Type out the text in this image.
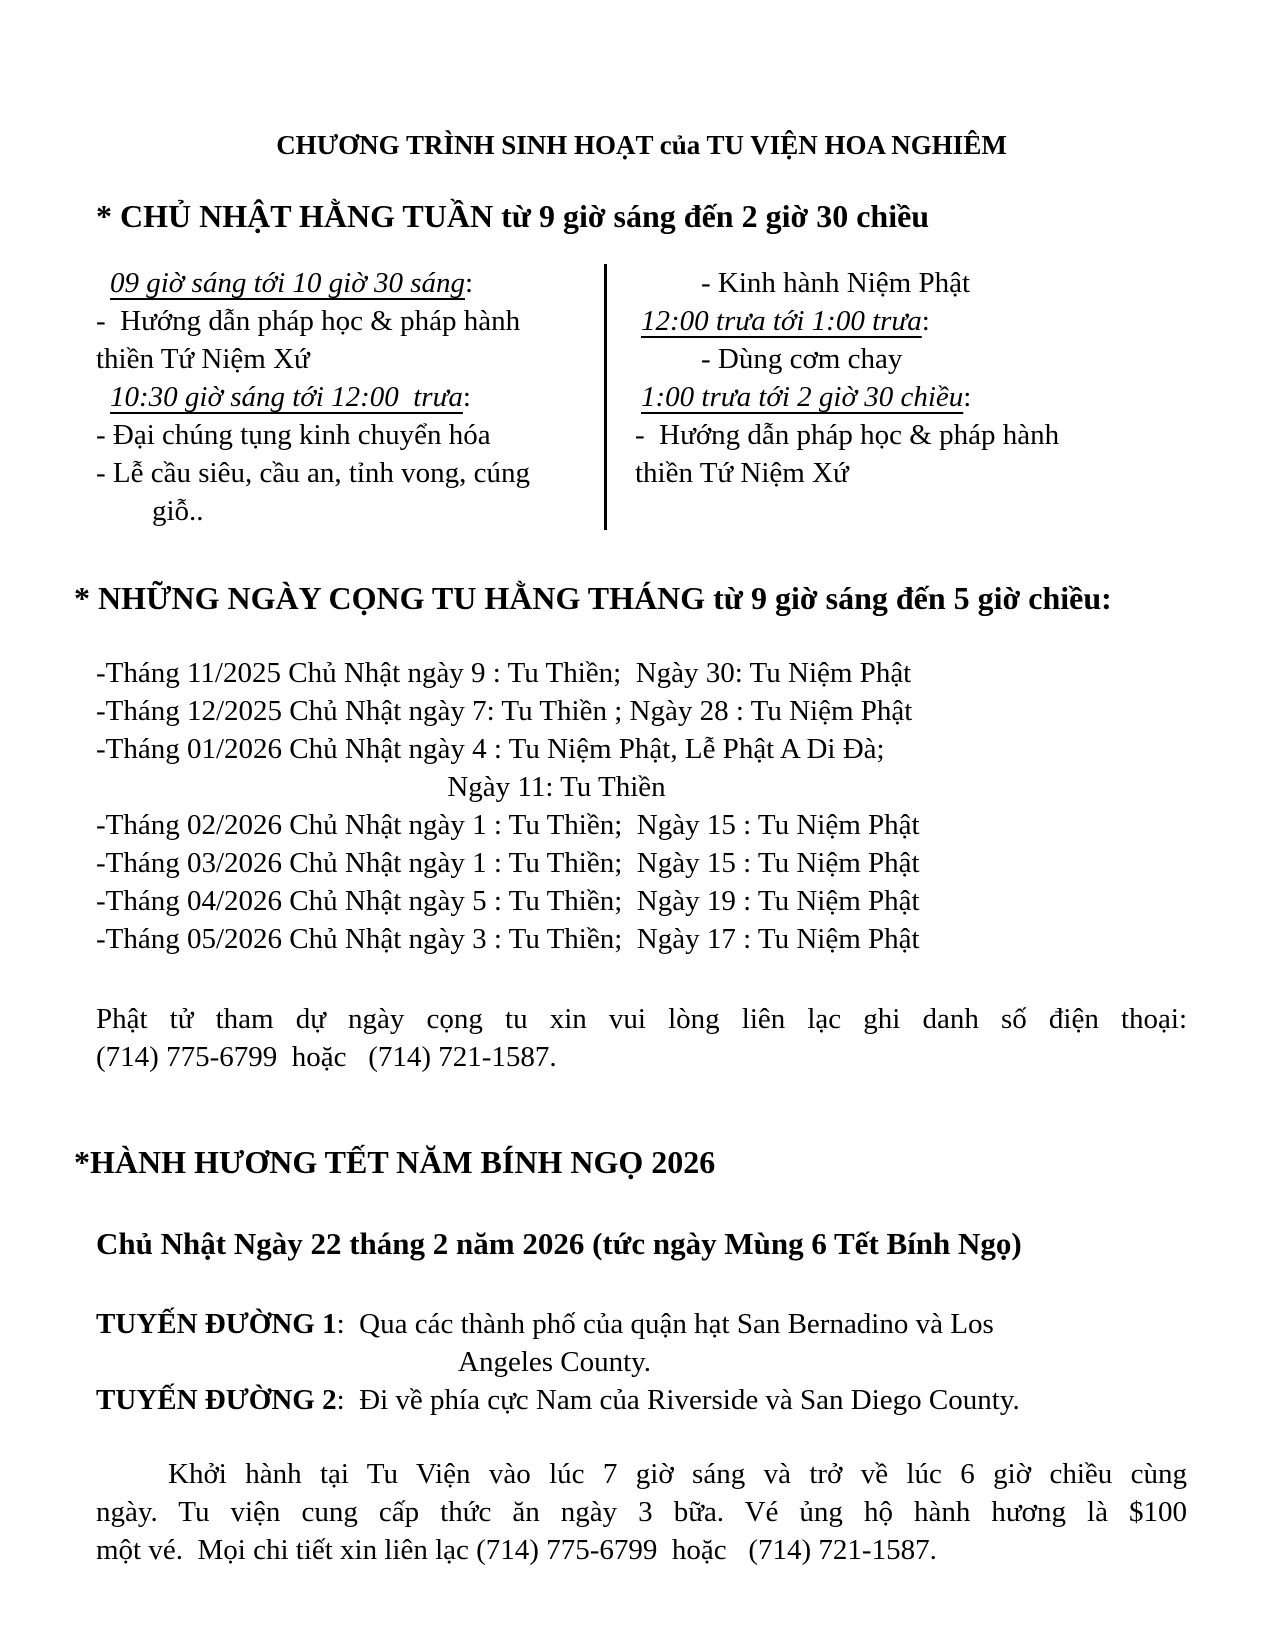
CHƯƠNG TRÌNH SINH HOẠT của TU VIỆN HOA NGHIÊM
* CHỦ NHẬT HẰNG TUẦN từ 9 giờ sáng đến 2 giờ 30 chiều
09 giờ sáng tới 10 giờ 30 sáng:
-  Hướng dẫn pháp học & pháp hành
thiền Tứ Niệm Xứ
10:30 giờ sáng tới 12:00  trưa:
- Đại chúng tụng kinh chuyển hóa
- Lễ cầu siêu, cầu an, tỉnh vong, cúng
giỗ..
- Kinh hành Niệm Phật
12:00 trưa tới 1:00 trưa:
- Dùng cơm chay
1:00 trưa tới 2 giờ 30 chiều:
-  Hướng dẫn pháp học & pháp hành
thiền Tứ Niệm Xứ
* NHỮNG NGÀY CỌNG TU HẰNG THÁNG từ 9 giờ sáng đến 5 giờ chiều:
-Tháng 11/2025 Chủ Nhật ngày 9 : Tu Thiền;  Ngày 30: Tu Niệm Phật
-Tháng 12/2025 Chủ Nhật ngày 7: Tu Thiền ; Ngày 28 : Tu Niệm Phật
-Tháng 01/2026 Chủ Nhật ngày 4 : Tu Niệm Phật, Lễ Phật A Di Đà;
Ngày 11: Tu Thiền
-Tháng 02/2026 Chủ Nhật ngày 1 : Tu Thiền;  Ngày 15 : Tu Niệm Phật
-Tháng 03/2026 Chủ Nhật ngày 1 : Tu Thiền;  Ngày 15 : Tu Niệm Phật
-Tháng 04/2026 Chủ Nhật ngày 5 : Tu Thiền;  Ngày 19 : Tu Niệm Phật
-Tháng 05/2026 Chủ Nhật ngày 3 : Tu Thiền;  Ngày 17 : Tu Niệm Phật
Phật tử tham dự ngày cọng tu xin vui lòng liên lạc ghi danh số điện thoại:
(714) 775-6799  hoặc   (714) 721-1587.
*HÀNH HƯƠNG TẾT NĂM BÍNH NGỌ 2026
Chủ Nhật Ngày 22 tháng 2 năm 2026 (tức ngày Mùng 6 Tết Bính Ngọ)
TUYẾN ĐƯỜNG 1:  Qua các thành phố của quận hạt San Bernadino và Los
Angeles County.
TUYẾN ĐƯỜNG 2:  Đi về phía cực Nam của Riverside và San Diego County.
Khởi hành tại Tu Viện vào lúc 7 giờ sáng và trở về lúc 6 giờ chiều cùng
ngày. Tu viện cung cấp thức ăn ngày 3 bữa. Vé ủng hộ hành hương là $100
một vé.  Mọi chi tiết xin liên lạc (714) 775-6799  hoặc   (714) 721-1587.
